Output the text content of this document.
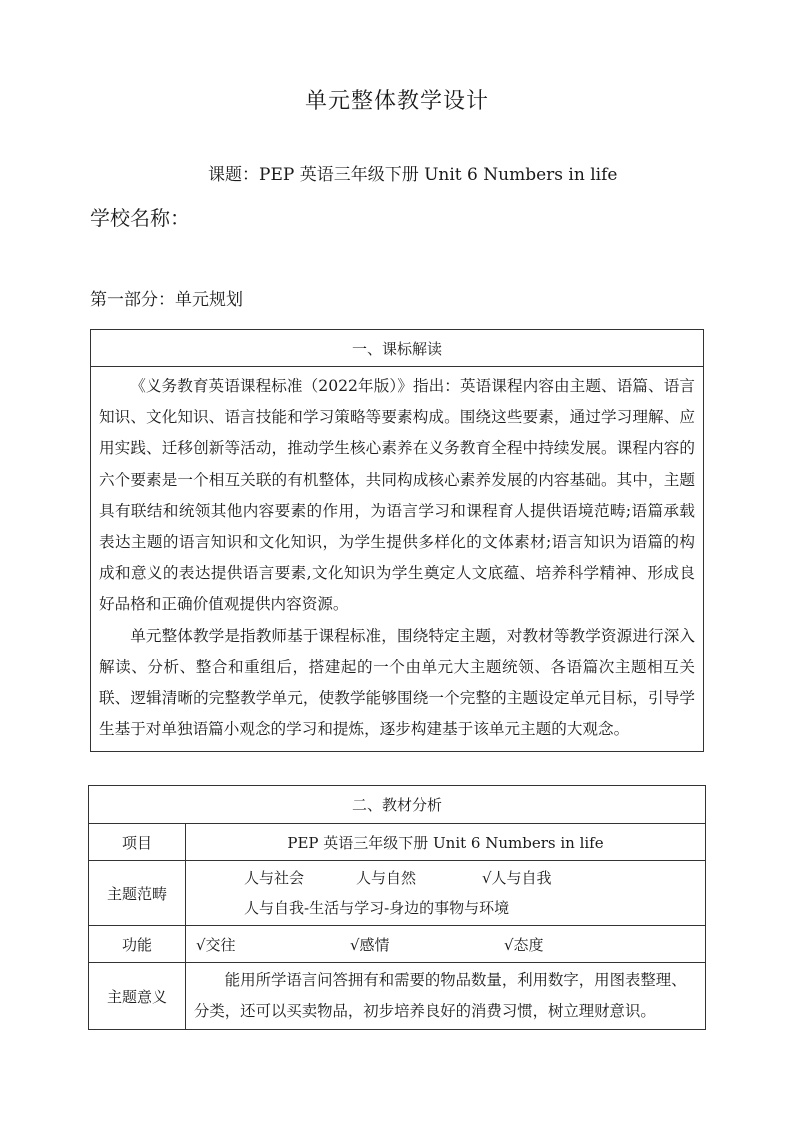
单元整体教学设计
课题：PEP 英语三年级下册 Unit 6 Numbers in life
学校名称：
第一部分：单元规划
一、课标解读

《义务教育英语课程标准（2022年版）》指出：英语课程内容由主题、语篇、语言知识、文化知识、语言技能和学习策略等要素构成。围绕这些要素，通过学习理解、应用实践、迁移创新等活动，推动学生核心素养在义务教育全程中持续发展。课程内容的六个要素是一个相互关联的有机整体，共同构成核心素养发展的内容基础。其中，主题具有联结和统领其他内容要素的作用，为语言学习和课程育人提供语境范畴;语篇承载表达主题的语言知识和文化知识，为学生提供多样化的文体素材;语言知识为语篇的构成和意义的表达提供语言要素,文化知识为学生奠定人文底蕴、培养科学精神、形成良好品格和正确价值观提供内容资源。

单元整体教学是指教师基于课程标准，围绕特定主题，对教材等教学资源进行深入解读、分析、整合和重组后，搭建起的一个由单元大主题统领、各语篇次主题相互关联、逻辑清晰的完整教学单元，使教学能够围绕一个完整的主题设定单元目标，引导学生基于对单独语篇小观念的学习和提炼，逐步构建基于该单元主题的大观念。

二、教材分析	
项目	PEP 英语三年级下册 Unit 6 Numbers in life
主题范畴	人与社会 人与自然 √人与自我
人与自我-生活与学习-身边的事物与环境

功能	√交往 √感情 √态度
主题意义	能用所学语言问答拥有和需要的物品数量，利用数字，用图表整理、分类，还可以买卖物品，初步培养良好的消费习惯，树立理财意识。
